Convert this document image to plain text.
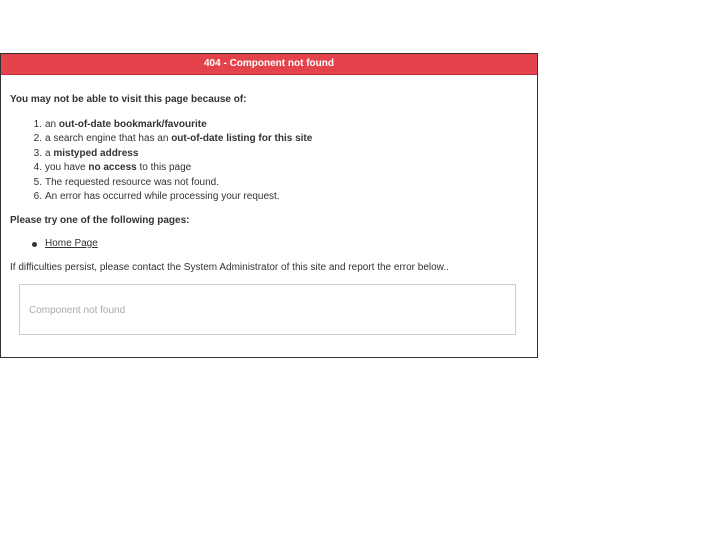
404 - Component not found

You may not be able to visit this page because of:

an out-of-date bookmark/favourite
a search engine that has an out-of-date listing for this site
a mistyped address
you have no access to this page
The requested resource was not found.
An error has occurred while processing your request.

Please try one of the following pages:

Home Page

If difficulties persist, please contact the System Administrator of this site and report the error below..

Component not found
